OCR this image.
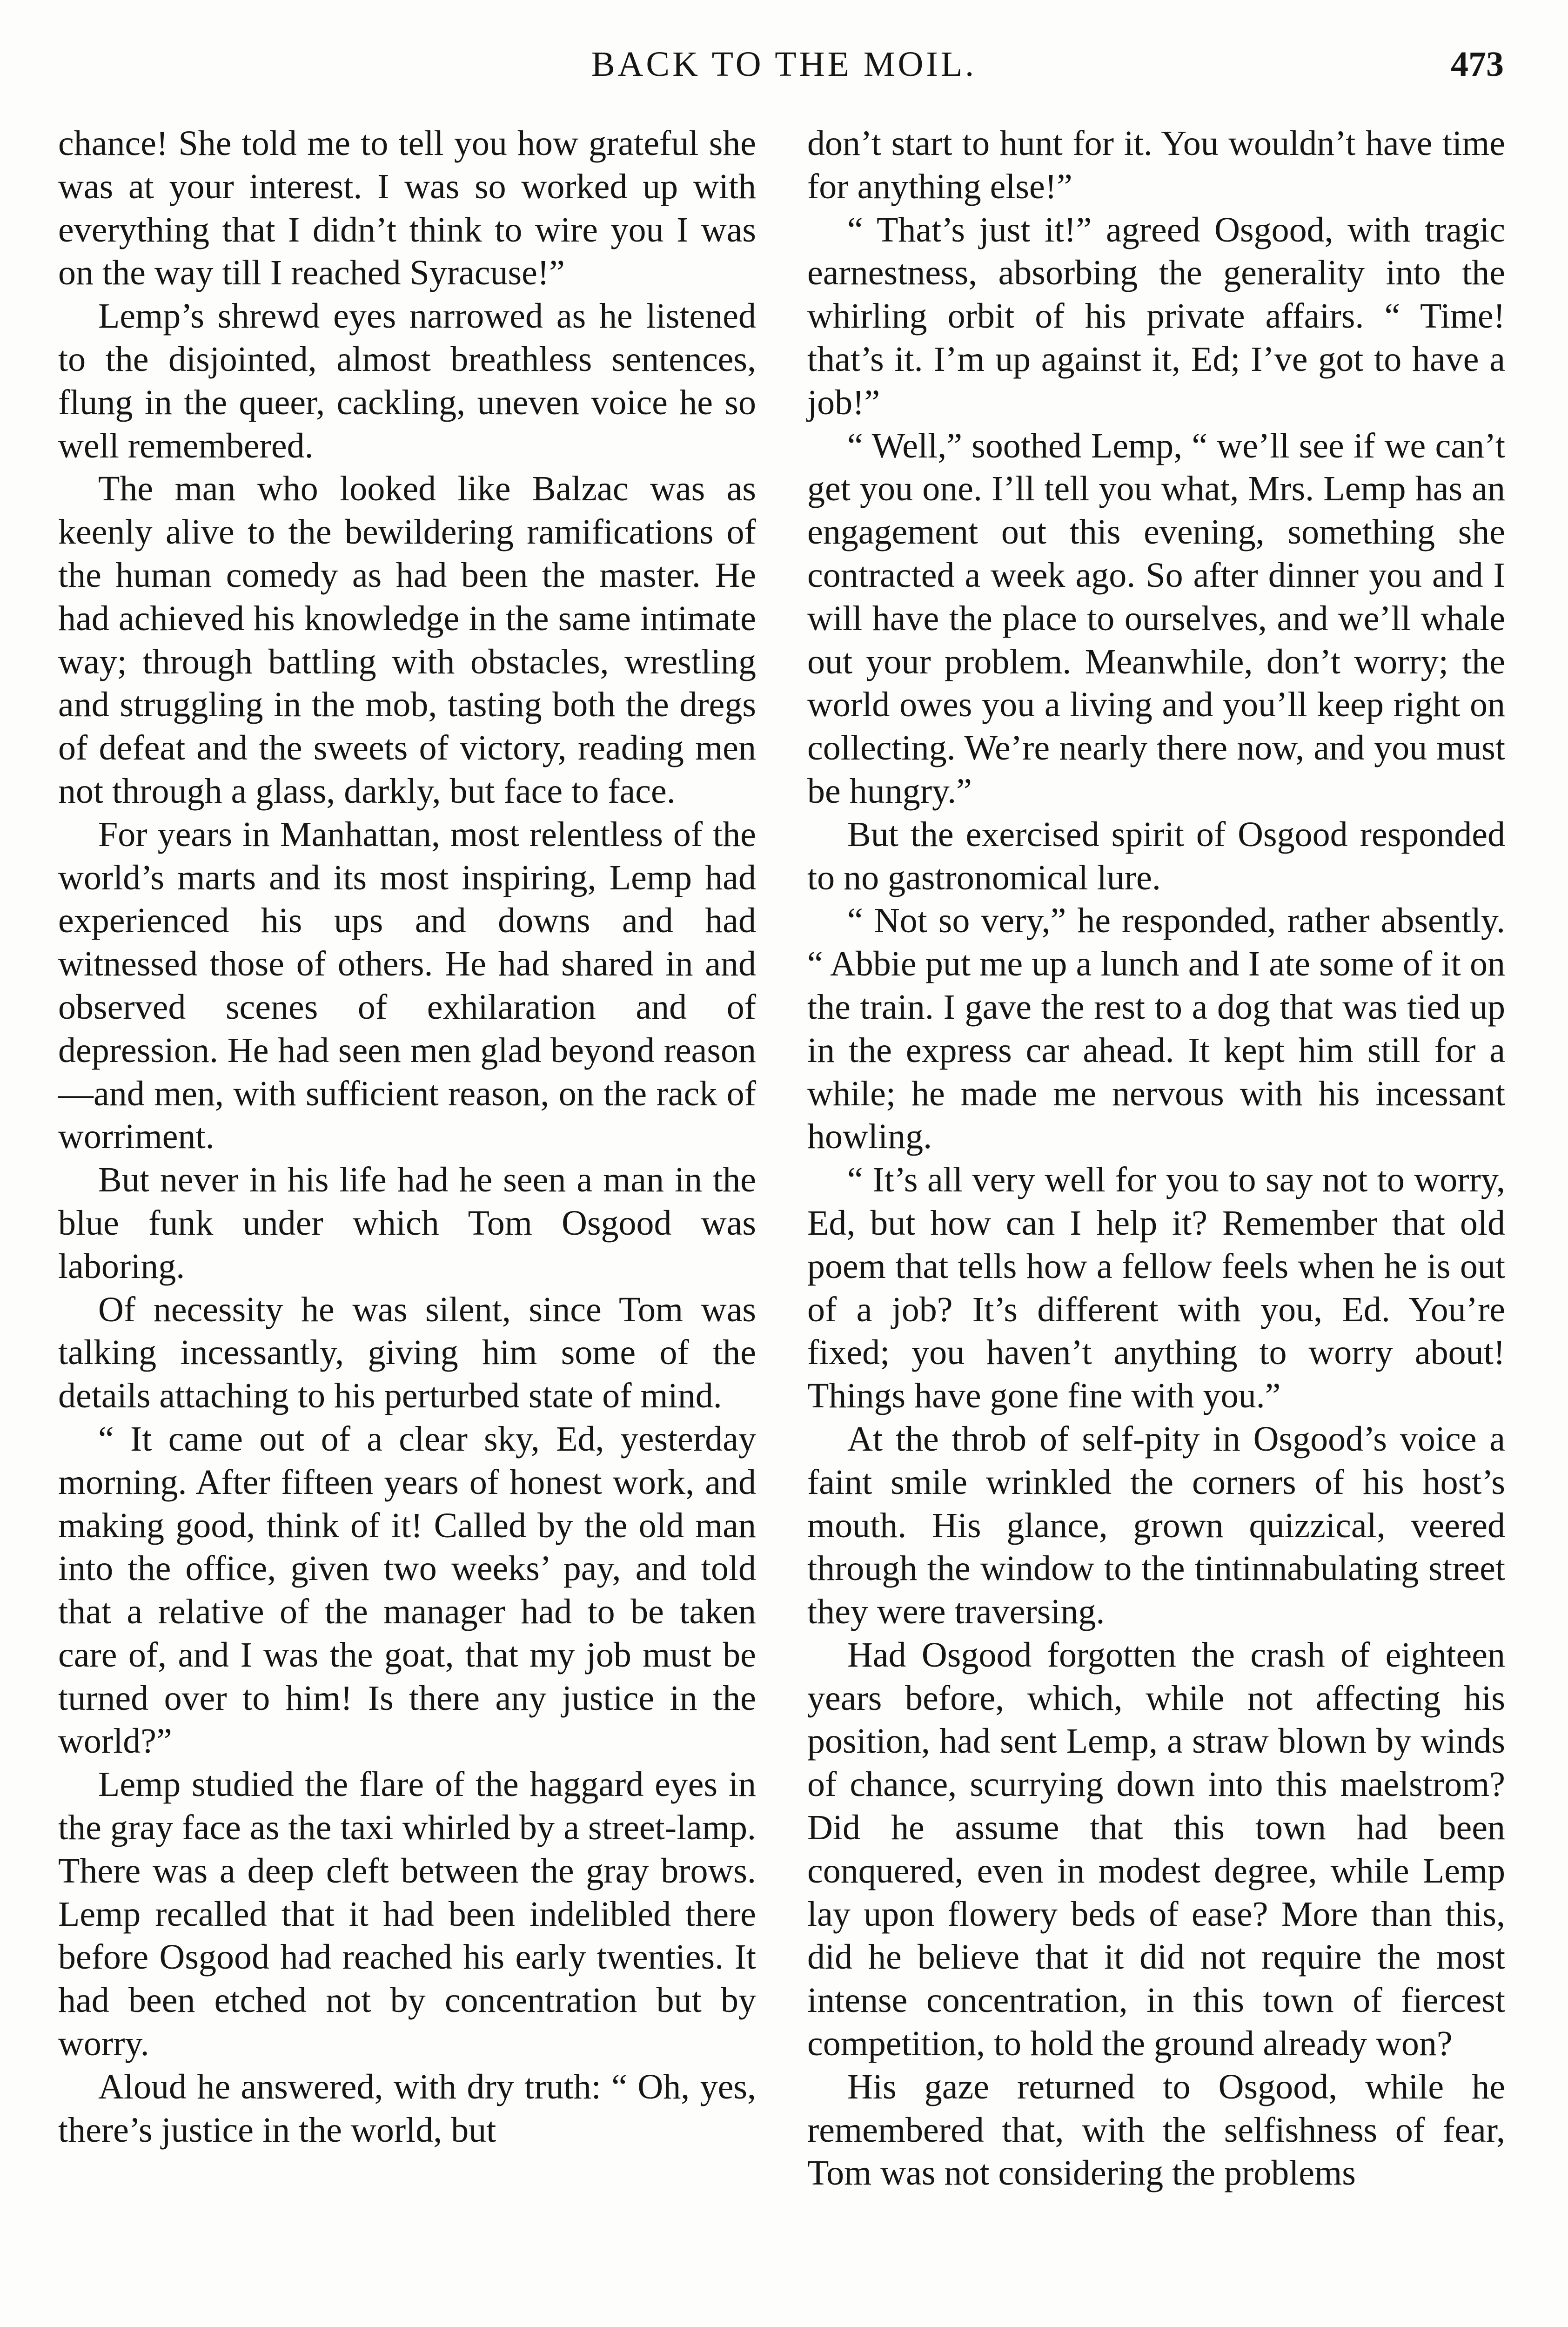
BACK TO THE MOIL.	473

chance! She told me to tell you how grateful she was at your interest. I was so worked up with everything that I didn’t think to wire you I was on the way till I reached Syracuse!”

Lemp’s shrewd eyes narrowed as he listened to the disjointed, almost breathless sentences, flung in the queer, cackling, uneven voice he so well remembered.

The man who looked like Balzac was as keenly alive to the bewildering ramifications of the human comedy as had been the master. He had achieved his knowledge in the same intimate way; through battling with obstacles, wrestling and struggling in the mob, tasting both the dregs of defeat and the sweets of victory, reading men not through a glass, darkly, but face to face.

For years in Manhattan, most relentless of the world’s marts and its most inspiring, Lemp had experienced his ups and downs and had witnessed those of others. He had shared in and observed scenes of exhilaration and of depression. He had seen men glad beyond reason—and men, with sufficient reason, on the rack of worriment.

But never in his life had he seen a man in the blue funk under which Tom Osgood was laboring.

Of necessity he was silent, since Tom was talking incessantly, giving him some of the details attaching to his perturbed state of mind.

“ It came out of a clear sky, Ed, yesterday morning. After fifteen years of honest work, and making good, think of it! Called by the old man into the office, given two weeks’ pay, and told that a relative of the manager had to be taken care of, and I was the goat, that my job must be turned over to him! Is there any justice in the world?”

Lemp studied the flare of the haggard eyes in the gray face as the taxi whirled by a street-lamp. There was a deep cleft between the gray brows. Lemp recalled that it had been indelibled there before Osgood had reached his early twenties. It had been etched not by concentration but by worry.

Aloud he answered, with dry truth: “ Oh, yes, there’s justice in the world, but

don’t start to hunt for it. You wouldn’t have time for anything else!”

“ That’s just it!” agreed Osgood, with tragic earnestness, absorbing the generality into the whirling orbit of his private affairs. “ Time! that’s it. I’m up against it, Ed; I’ve got to have a job!”

“ Well,” soothed Lemp, “ we’ll see if we can’t get you one. I’ll tell you what, Mrs. Lemp has an engagement out this evening, something she contracted a week ago. So after dinner you and I will have the place to ourselves, and we’ll whale out your problem. Meanwhile, don’t worry; the world owes you a living and you’ll keep right on collecting. We’re nearly there now, and you must be hungry.”

But the exercised spirit of Osgood responded to no gastronomical lure.

“ Not so very,” he responded, rather absently. “ Abbie put me up a lunch and I ate some of it on the train. I gave the rest to a dog that was tied up in the express car ahead. It kept him still for a while; he made me nervous with his incessant howling.

“ It’s all very well for you to say not to worry, Ed, but how can I help it? Remember that old poem that tells how a fellow feels when he is out of a job? It’s different with you, Ed. You’re fixed; you haven’t anything to worry about! Things have gone fine with you.”

At the throb of self-pity in Osgood’s voice a faint smile wrinkled the corners of his host’s mouth. His glance, grown quizzical, veered through the window to the tintinnabulating street they were traversing.

Had Osgood forgotten the crash of eighteen years before, which, while not affecting his position, had sent Lemp, a straw blown by winds of chance, scurrying down into this maelstrom? Did he assume that this town had been conquered, even in modest degree, while Lemp lay upon flowery beds of ease? More than this, did he believe that it did not require the most intense concentration, in this town of fiercest competition, to hold the ground already won?

His gaze returned to Osgood, while he remembered that, with the selfishness of fear, Tom was not considering the problems
